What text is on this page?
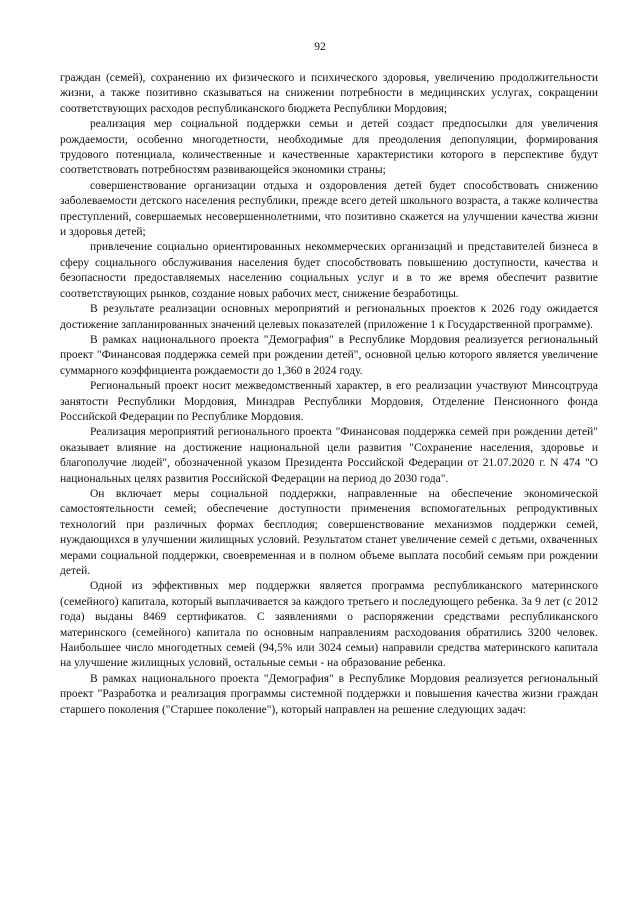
92

граждан (семей), сохранению их физического и психического здоровья, увеличению продолжительности жизни, а также позитивно сказываться на снижении потребности в медицинских услугах, сокращении соответствующих расходов республиканского бюджета Республики Мордовия;

реализация мер социальной поддержки семьи и детей создаст предпосылки для увеличения рождаемости, особенно многодетности, необходимые для преодоления депопуляции, формирования трудового потенциала, количественные и качественные характеристики которого в перспективе будут соответствовать потребностям развивающейся экономики страны;

совершенствование организации отдыха и оздоровления детей будет способствовать снижению заболеваемости детского населения республики, прежде всего детей школьного возраста, а также количества преступлений, совершаемых несовершеннолетними, что позитивно скажется на улучшении качества жизни и здоровья детей;

привлечение социально ориентированных некоммерческих организаций и представителей бизнеса в сферу социального обслуживания населения будет способствовать повышению доступности, качества и безопасности предоставляемых населению социальных услуг и в то же время обеспечит развитие соответствующих рынков, создание новых рабочих мест, снижение безработицы.

В результате реализации основных мероприятий и региональных проектов к 2026 году ожидается достижение запланированных значений целевых показателей (приложение 1 к Государственной программе).

В рамках национального проекта "Демография" в Республике Мордовия реализуется региональный проект "Финансовая поддержка семей при рождении детей", основной целью которого является увеличение суммарного коэффициента рождаемости до 1,360 в 2024 году.

Региональный проект носит межведомственный характер, в его реализации участвуют Минсоцтруда занятости Республики Мордовия, Минздрав Республики Мордовия, Отделение Пенсионного фонда Российской Федерации по Республике Мордовия.

Реализация мероприятий регионального проекта "Финансовая поддержка семей при рождении детей" оказывает влияние на достижение национальной цели развития "Сохранение населения, здоровье и благополучие людей", обозначенной указом Президента Российской Федерации от 21.07.2020 г. N 474 "О национальных целях развития Российской Федерации на период до 2030 года".

Он включает меры социальной поддержки, направленные на обеспечение экономической самостоятельности семей; обеспечение доступности применения вспомогательных репродуктивных технологий при различных формах бесплодия; совершенствование механизмов поддержки семей, нуждающихся в улучшении жилищных условий. Результатом станет увеличение семей с детьми, охваченных мерами социальной поддержки, своевременная и в полном объеме выплата пособий семьям при рождении детей.

Одной из эффективных мер поддержки является программа республиканского материнского (семейного) капитала, который выплачивается за каждого третьего и последующего ребенка. За 9 лет (с 2012 года) выданы 8469 сертификатов. С заявлениями о распоряжении средствами республиканского материнского (семейного) капитала по основным направлениям расходования обратились 3200 человек. Наибольшее число многодетных семей (94,5% или 3024 семьи) направили средства материнского капитала на улучшение жилищных условий, остальные семьи - на образование ребенка.

В рамках национального проекта "Демография" в Республике Мордовия реализуется региональный проект "Разработка и реализация программы системной поддержки и повышения качества жизни граждан старшего поколения ("Старшее поколение"), который направлен на решение следующих задач:
